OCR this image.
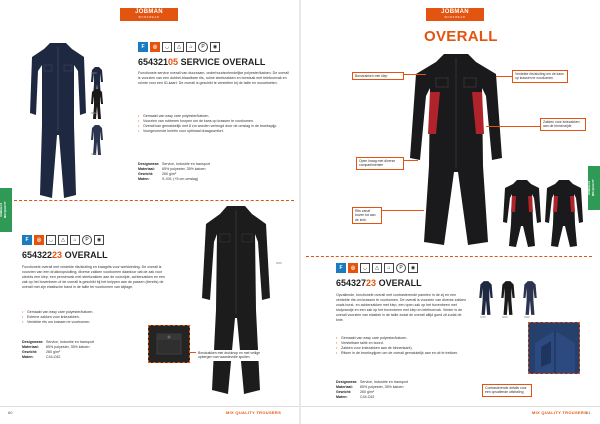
JOBMAN
WORKWEAR
OVERALLS MIX QUALITY
9900
9800
9600
F	◎	◡	△	⌂	P	◉
65432105 SERVICE OVERALL
Functionele service overall van duurzaam, onderhoudsvriendelijke polyester/katoen. De overall is voorzien van een dubbel-blaadbare rits, ruime steekzakken en borstzak met telefoonvak en ruimte voor een ID-kaart. De overall is geschikt te verstellen bij de taille en mouwtoeten.
• Gemaakt van easy care polyester/katoen.
• Voorzien van rubberen knopen om de kans op krassen te voorkomen.
• Overall kan gemakkelijk met 8 cm worden verlengd door de omslag in de broekspijp.
• Voorgevormde knieën voor optimaal draagcomfort.
Designwear: Service, Industrie en transport
Materiaal:	65% polyester, 35% katoen
Gewicht:	260 g/m²
Maten:	S-XXL (+5 cm omslag)
F	◎	◡	△	⌂	P	◉
65432223 OVERALL
Functionele overall met verdekte rits/sluiting en kraagrits voor werkkleding. De overall is voorzien van een drukknopsluiting, diverse zakken voorkomen daardoor dat de zak voor slechts een klep, een pennenvak met steekzakken aan de voorzijde, achterzakken en een zak op het bovenbeen of de overall is geschikt bij het knippen aan de passen (tienrits) de overall met zijn elastische band in de taille ter voorkomen van slijtage.
• Gemaakt van easy care polyester/katoen.
• Externe zakken voor kniezakken.
• Verdekte rits om krassen te voorkomen.
Designwear: Service, Industrie en transport
Materiaal:	65% polyester, 35% katoen
Gewicht:	260 g/m²
Maten:	C44-C62
9800
Borstzakken met drukknop en met veilige opbergen van waardevolle spullen
60	MIX QUALITY TROUSERS
JOBMAN
WORKWEAR
OVERALL
OVERALLS MIX QUALITY
Borstzakken met klep	Verdekte rits/sluiting om de kans op krassen te voorkomen
Zakken voor kniezakken aan de binnenzijde
Open kraag met diverse compartimenten
Rits vanaf boven tot aan de knie.
F	◎	◡	△	⌂	P	◉
65432723 OVERALL
Opvallende, functionele overall met contrasterende panelen in de zij en een verdekte rits om krassen te voorkomen. De overall is voorzien van diverse zakken zoals borst- en achterzakken met klep, een open zak op het bovenbeen met stulprandje en een zak op het bovenbeen met klep en telefoonvak. Verder is de overall voorzien van elastiek in de taille zodat de overall altijd goed zit zodat de knie.
• Gemaakt van easy care polyester/katoen.
• Verstelbare taille en boord.
• Zakken voor kniezakken aan de binnenkant).
• Ritsen in de broekspijpen om de overall gemakkelijk aan en uit te trekken.
Designwear: Service, Industrie en transport
Materiaal:	65% polyester, 35% katoen
Gewicht:	260 g/m²
Maten:	C44-C62
9700	9800	9900
Contrasterende details voor een opvallende uitstraling
MIX QUALITY TROUSERS
61
